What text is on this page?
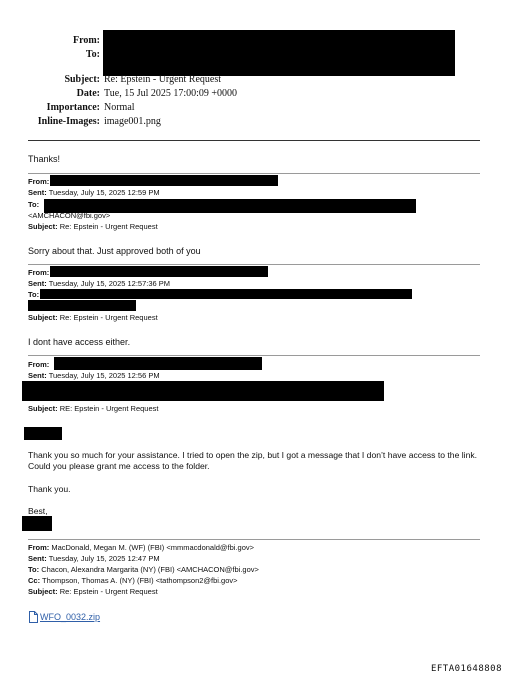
From:
To:
Subject: Re: Epstein - Urgent Request
Date: Tue, 15 Jul 2025 17:00:09 +0000
Importance: Normal
Inline-Images: image001.png
Thanks!
From:
Sent: Tuesday, July 15, 2025 12:59 PM
To:
<AMCHACON@fbi.gov>
Subject: Re: Epstein - Urgent Request
Sorry about that. Just approved both of you
From:
Sent: Tuesday, July 15, 2025 12:57:36 PM
To:
Subject: Re: Epstein - Urgent Request
I dont have access either.
From:
Sent: Tuesday, July 15, 2025 12:56 PM
Subject: RE: Epstein - Urgent Request
Thank you so much for your assistance. I tried to open the zip, but I got a message that I don’t have access to the link. Could you please grant me access to the folder.
Thank you.
Best,
From: MacDonald, Megan M. (WF) (FBI) <mmmacdonald@fbi.gov>
Sent: Tuesday, July 15, 2025 12:47 PM
To: Chacon, Alexandra Margarita (NY) (FBI) <AMCHACON@fbi.gov>
Cc: Thompson, Thomas A. (NY) (FBI) <tathompson2@fbi.gov>
Subject: Re: Epstein - Urgent Request
WFO_0032.zip
EFTA01648808
